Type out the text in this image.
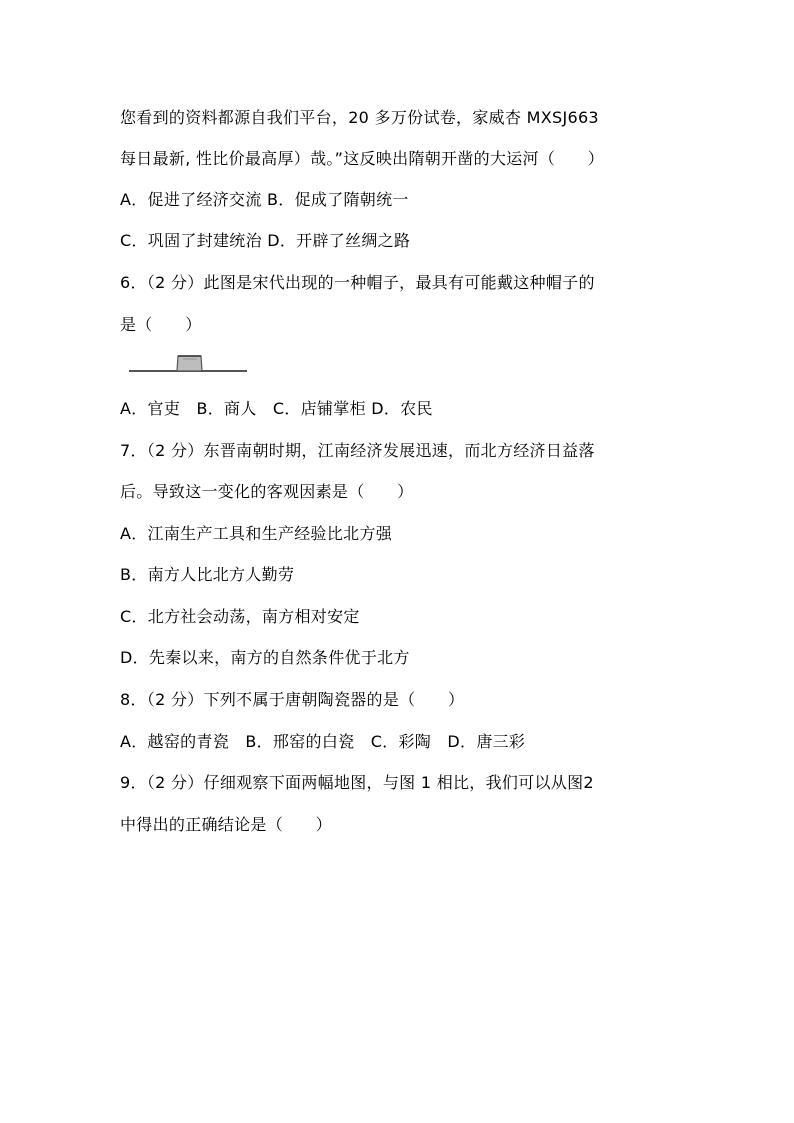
您看到的资料都源自我们平台，20 多万份试卷，家威杏 MXSJ663
每日最新, 性比价最高厚）哉。”这反映出隋朝开凿的大运河（　　）
A．促进了经济交流 B．促成了隋朝统一
C．巩固了封建统治 D．开辟了丝绸之路
6．（2 分）此图是宋代出现的一种帽子，最具有可能戴这种帽子的
是（　　）
A．官吏　B．商人　C．店铺掌柜 D．农民
7．（2 分）东晋南朝时期，江南经济发展迅速，而北方经济日益落
后。导致这一变化的客观因素是（　　）
A．江南生产工具和生产经验比北方强
B．南方人比北方人勤劳
C．北方社会动荡，南方相对安定
D．先秦以来，南方的自然条件优于北方
8．（2 分）下列不属于唐朝陶瓷器的是（　　）
A．越窑的青瓷　B．邢窑的白瓷　C．彩陶　D．唐三彩
9．（2 分）仔细观察下面两幅地图，与图 1 相比，我们可以从图2
中得出的正确结论是（　　）
